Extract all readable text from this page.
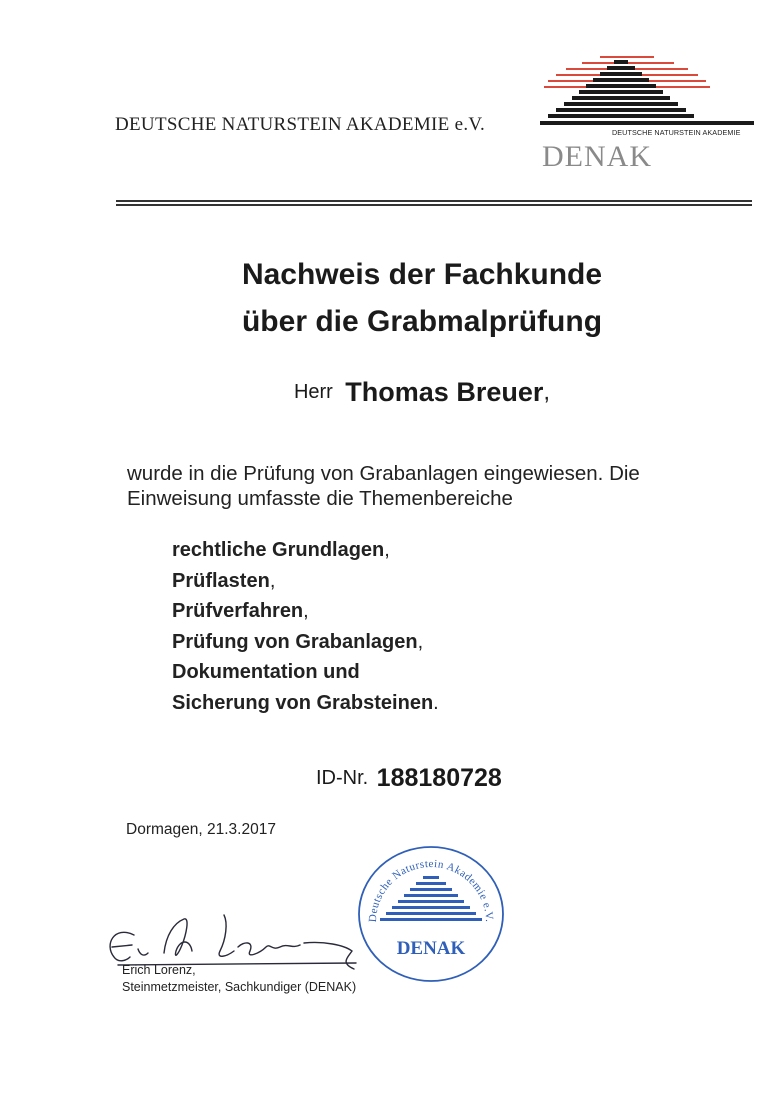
DEUTSCHE NATURSTEIN AKADEMIE e.V.	DEUTSCHE NATURSTEIN AKADEMIE
DENAK
Nachweis der Fachkunde
über die Grabmalprüfung
Herr Thomas Breuer,
wurde in die Prüfung von Grabanlagen eingewiesen. Die
Einweisung umfasste die Themenbereiche
rechtliche Grundlagen,
Prüflasten,
Prüfverfahren,
Prüfung von Grabanlagen,
Dokumentation und
Sicherung von Grabsteinen.
ID-Nr. 188180728
Dormagen, 21.3.2017
Erich Lorenz,
Steinmetzmeister, Sachkundiger (DENAK)
Deutsche Naturstein Akademie e.V.
DENAK
